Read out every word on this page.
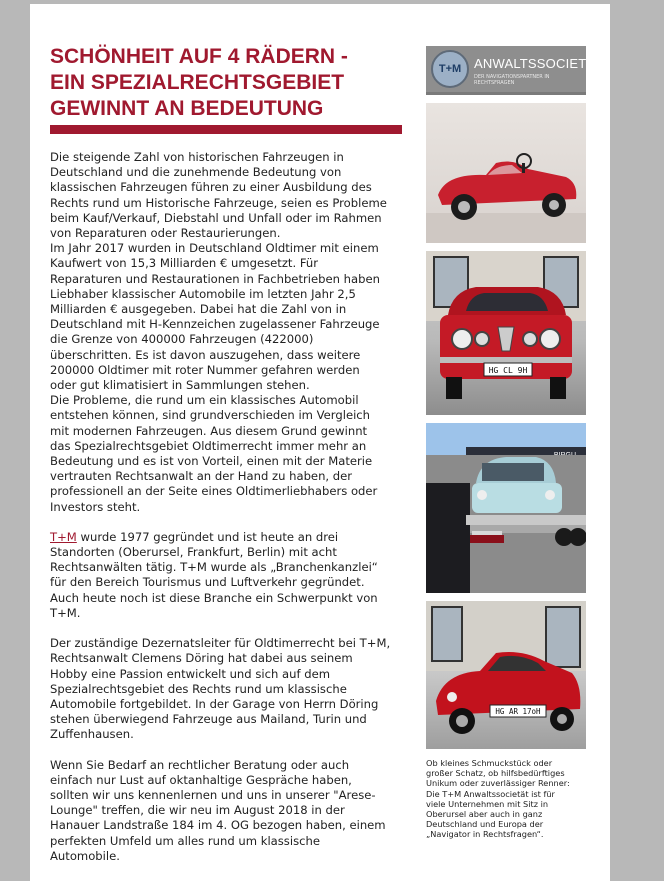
SCHÖNHEIT AUF 4 RÄDERN -
EIN SPEZIALRECHTSGEBIET
GEWINNT AN BEDEUTUNG

Die steigende Zahl von historischen Fahrzeugen in

Deutschland und die zunehmende Bedeutung von

klassischen Fahrzeugen führen zu einer Ausbildung des

Rechts rund um Historische Fahrzeuge, seien es Probleme

beim Kauf/Verkauf, Diebstahl und Unfall oder im Rahmen

von Reparaturen oder Restaurierungen.

Im Jahr 2017 wurden in Deutschland Oldtimer mit einem

Kaufwert von 15,3 Milliarden € umgesetzt. Für

Reparaturen und Restaurationen in Fachbetrieben haben

Liebhaber klassischer Automobile im letzten Jahr 2,5

Milliarden € ausgegeben. Dabei hat die Zahl von in

Deutschland mit H-Kennzeichen zugelassener Fahrzeuge

die Grenze von 400000 Fahrzeugen (422000)

überschritten. Es ist davon auszugehen, dass weitere

200000 Oldtimer mit roter Nummer gefahren werden

oder gut klimatisiert in Sammlungen stehen.

Die Probleme, die rund um ein klassisches Automobil

entstehen können, sind grundverschieden im Vergleich

mit modernen Fahrzeugen. Aus diesem Grund gewinnt

das Spezialrechtsgebiet Oldtimerrecht immer mehr an

Bedeutung und es ist von Vorteil, einen mit der Materie

vertrauten Rechtsanwalt an der Hand zu haben, der

professionell an der Seite eines Oldtimerliebhabers oder

Investors steht.

T+M wurde 1977 gegründet und ist heute an drei

Standorten (Oberursel, Frankfurt, Berlin) mit acht

Rechtsanwälten tätig. T+M wurde als „Branchenkanzlei“

für den Bereich Tourismus und Luftverkehr gegründet.

Auch heute noch ist diese Branche ein Schwerpunkt von

T+M.

Der zuständige Dezernatsleiter für Oldtimerrecht bei T+M,

Rechtsanwalt Clemens Döring hat dabei aus seinem

Hobby eine Passion entwickelt und sich auf dem

Spezialrechtsgebiet des Rechts rund um klassische

Automobile fortgebildet. In der Garage von Herrn Döring

stehen überwiegend Fahrzeuge aus Mailand, Turin und

Zuffenhausen.

Wenn Sie Bedarf an rechtlicher Beratung oder auch

einfach nur Lust auf oktanhaltige Gespräche haben,

sollten wir uns kennenlernen und uns in unserer "Arese-

Lounge" treffen, die wir neu im August 2018 in der

Hanauer Landstraße 184 im 4. OG bezogen haben, einem

perfekten Umfeld um alles rund um klassische

Automobile.

T+M ANWALTSSOCIETÄT
DER NAVIGATIONSPARTNER IN RECHTSFRAGEN
HG CL 9H
HG AR 17oH
Ob kleines Schmuckstück oder
großer Schatz, ob hilfsbedürftiges
Unikum oder zuverlässiger Renner:
Die T+M Anwaltssocietät ist für
viele Unternehmen mit Sitz in
Oberursel aber auch in ganz
Deutschland und Europa der
„Navigator in Rechtsfragen“.
